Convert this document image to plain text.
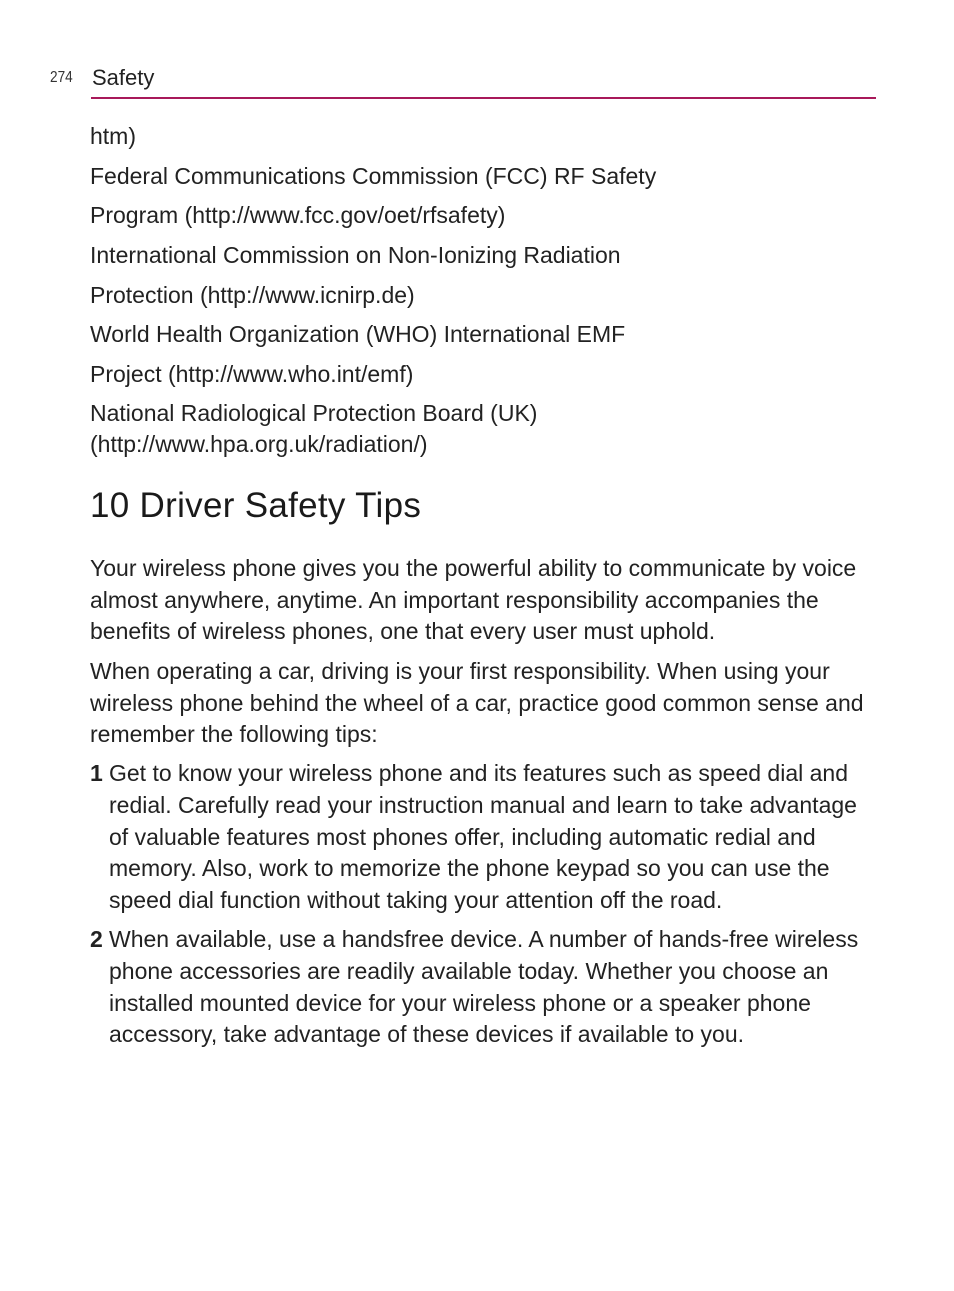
274 Safety

htm)

Federal Communications Commission (FCC) RF Safety

Program (http://www.fcc.gov/oet/rfsafety)

International Commission on Non-Ionizing Radiation

Protection (http://www.icnirp.de)

World Health Organization (WHO) International EMF

Project (http://www.who.int/emf)

National Radiological Protection Board (UK)

(http://www.hpa.org.uk/radiation/)

10 Driver Safety Tips

Your wireless phone gives you the powerful ability to communicate by voice almost anywhere, anytime. An important responsibility accompanies the benefits of wireless phones, one that every user must uphold.

When operating a car, driving is your first responsibility. When using your wireless phone behind the wheel of a car, practice good common sense and remember the following tips:

1 Get to know your wireless phone and its features such as speed dial and redial. Carefully read your instruction manual and learn to take advantage of valuable features most phones offer, including automatic redial and memory. Also, work to memorize the phone keypad so you can use the speed dial function without taking your attention off the road.
2 When available, use a handsfree device. A number of hands-free wireless phone accessories are readily available today. Whether you choose an installed mounted device for your wireless phone or a speaker phone accessory, take advantage of these devices if available to you.
